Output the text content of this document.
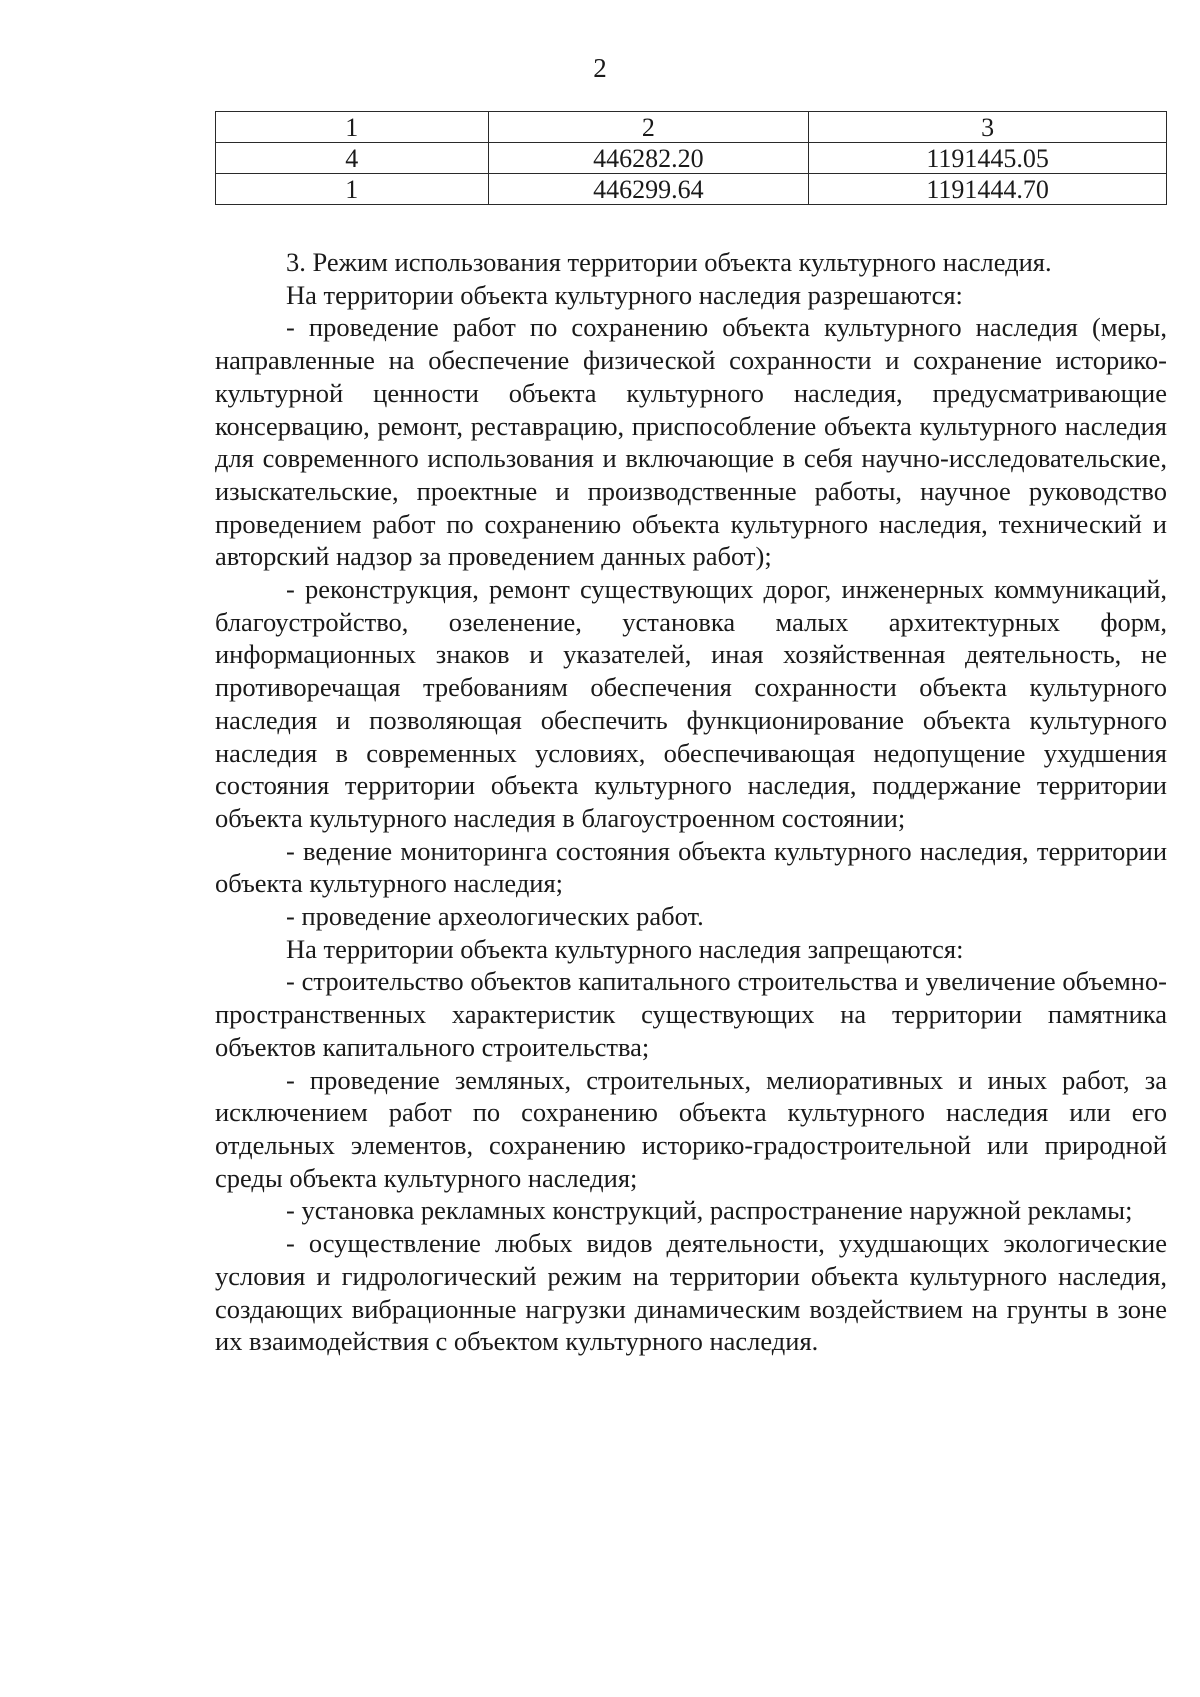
2
1	2	3
4	446282.20	1191445.05
1	446299.64	1191444.70

3. Режим использования территории объекта культурного наследия.

На территории объекта культурного наследия разрешаются:

- проведение работ по сохранению объекта культурного наследия (меры, направленные на обеспечение физической сохранности и сохранение историко-культурной ценности объекта культурного наследия, предусматривающие консервацию, ремонт, реставрацию, приспособление объекта культурного наследия для современного использования и включающие в себя научно-исследовательские, изыскательские, проектные и производственные работы, научное руководство проведением работ по сохранению объекта культурного наследия, технический и авторский надзор за проведением данных работ);

- реконструкция, ремонт существующих дорог, инженерных коммуникаций, благоустройство, озеленение, установка малых архитектурных форм, информационных знаков и указателей, иная хозяйственная деятельность, не противоречащая требованиям обеспечения сохранности объекта культурного наследия и позволяющая обеспечить функционирование объекта культурного наследия в современных условиях, обеспечивающая недопущение ухудшения состояния территории объекта культурного наследия, поддержание территории объекта культурного наследия в благоустроенном состоянии;

- ведение мониторинга состояния объекта культурного наследия, территории объекта культурного наследия;

- проведение археологических работ.

На территории объекта культурного наследия запрещаются:

- строительство объектов капитального строительства и увеличение объемно-пространственных характеристик существующих на территории памятника объектов капитального строительства;

- проведение земляных, строительных, мелиоративных и иных работ, за исключением работ по сохранению объекта культурного наследия или его отдельных элементов, сохранению историко-градостроительной или природной среды объекта культурного наследия;

- установка рекламных конструкций, распространение наружной рекламы;

- осуществление любых видов деятельности, ухудшающих экологические условия и гидрологический режим на территории объекта культурного наследия, создающих вибрационные нагрузки динамическим воздействием на грунты в зоне их взаимодействия с объектом культурного наследия.
